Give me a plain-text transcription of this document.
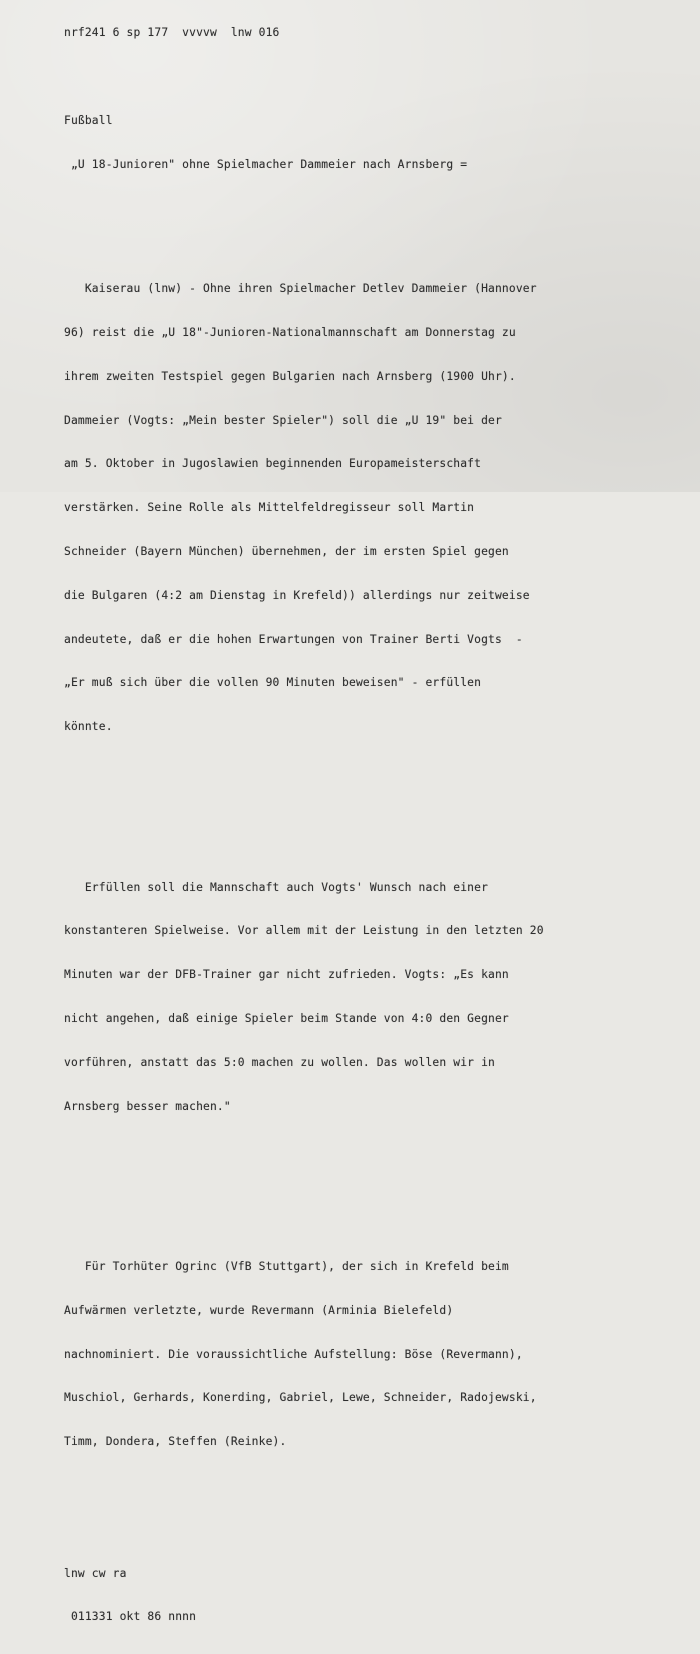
nrf241 6 sp 177  vvvvw  lnw 016

Fußball

„U 18-Junioren" ohne Spielmacher Dammeier nach Arnsberg =

Kaiserau (lnw) - Ohne ihren Spielmacher Detlev Dammeier (Hannover

96) reist die „U 18"-Junioren-Nationalmannschaft am Donnerstag zu

ihrem zweiten Testspiel gegen Bulgarien nach Arnsberg (1900 Uhr).

Dammeier (Vogts: „Mein bester Spieler") soll die „U 19" bei der

am 5. Oktober in Jugoslawien beginnenden Europameisterschaft

verstärken. Seine Rolle als Mittelfeldregisseur soll Martin

Schneider (Bayern München) übernehmen, der im ersten Spiel gegen

die Bulgaren (4:2 am Dienstag in Krefeld)) allerdings nur zeitweise

andeutete, daß er die hohen Erwartungen von Trainer Berti Vogts  -

„Er muß sich über die vollen 90 Minuten beweisen" - erfüllen

könnte.

Erfüllen soll die Mannschaft auch Vogts' Wunsch nach einer

konstanteren Spielweise. Vor allem mit der Leistung in den letzten 20

Minuten war der DFB-Trainer gar nicht zufrieden. Vogts: „Es kann

nicht angehen, daß einige Spieler beim Stande von 4:0 den Gegner

vorführen, anstatt das 5:0 machen zu wollen. Das wollen wir in

Arnsberg besser machen."

Für Torhüter Ogrinc (VfB Stuttgart), der sich in Krefeld beim

Aufwärmen verletzte, wurde Revermann (Arminia Bielefeld)

nachnominiert. Die voraussichtliche Aufstellung: Böse (Revermann),

Muschiol, Gerhards, Konerding, Gabriel, Lewe, Schneider, Radojewski,

Timm, Dondera, Steffen (Reinke).

lnw cw ra

011331 okt 86 nnnn
